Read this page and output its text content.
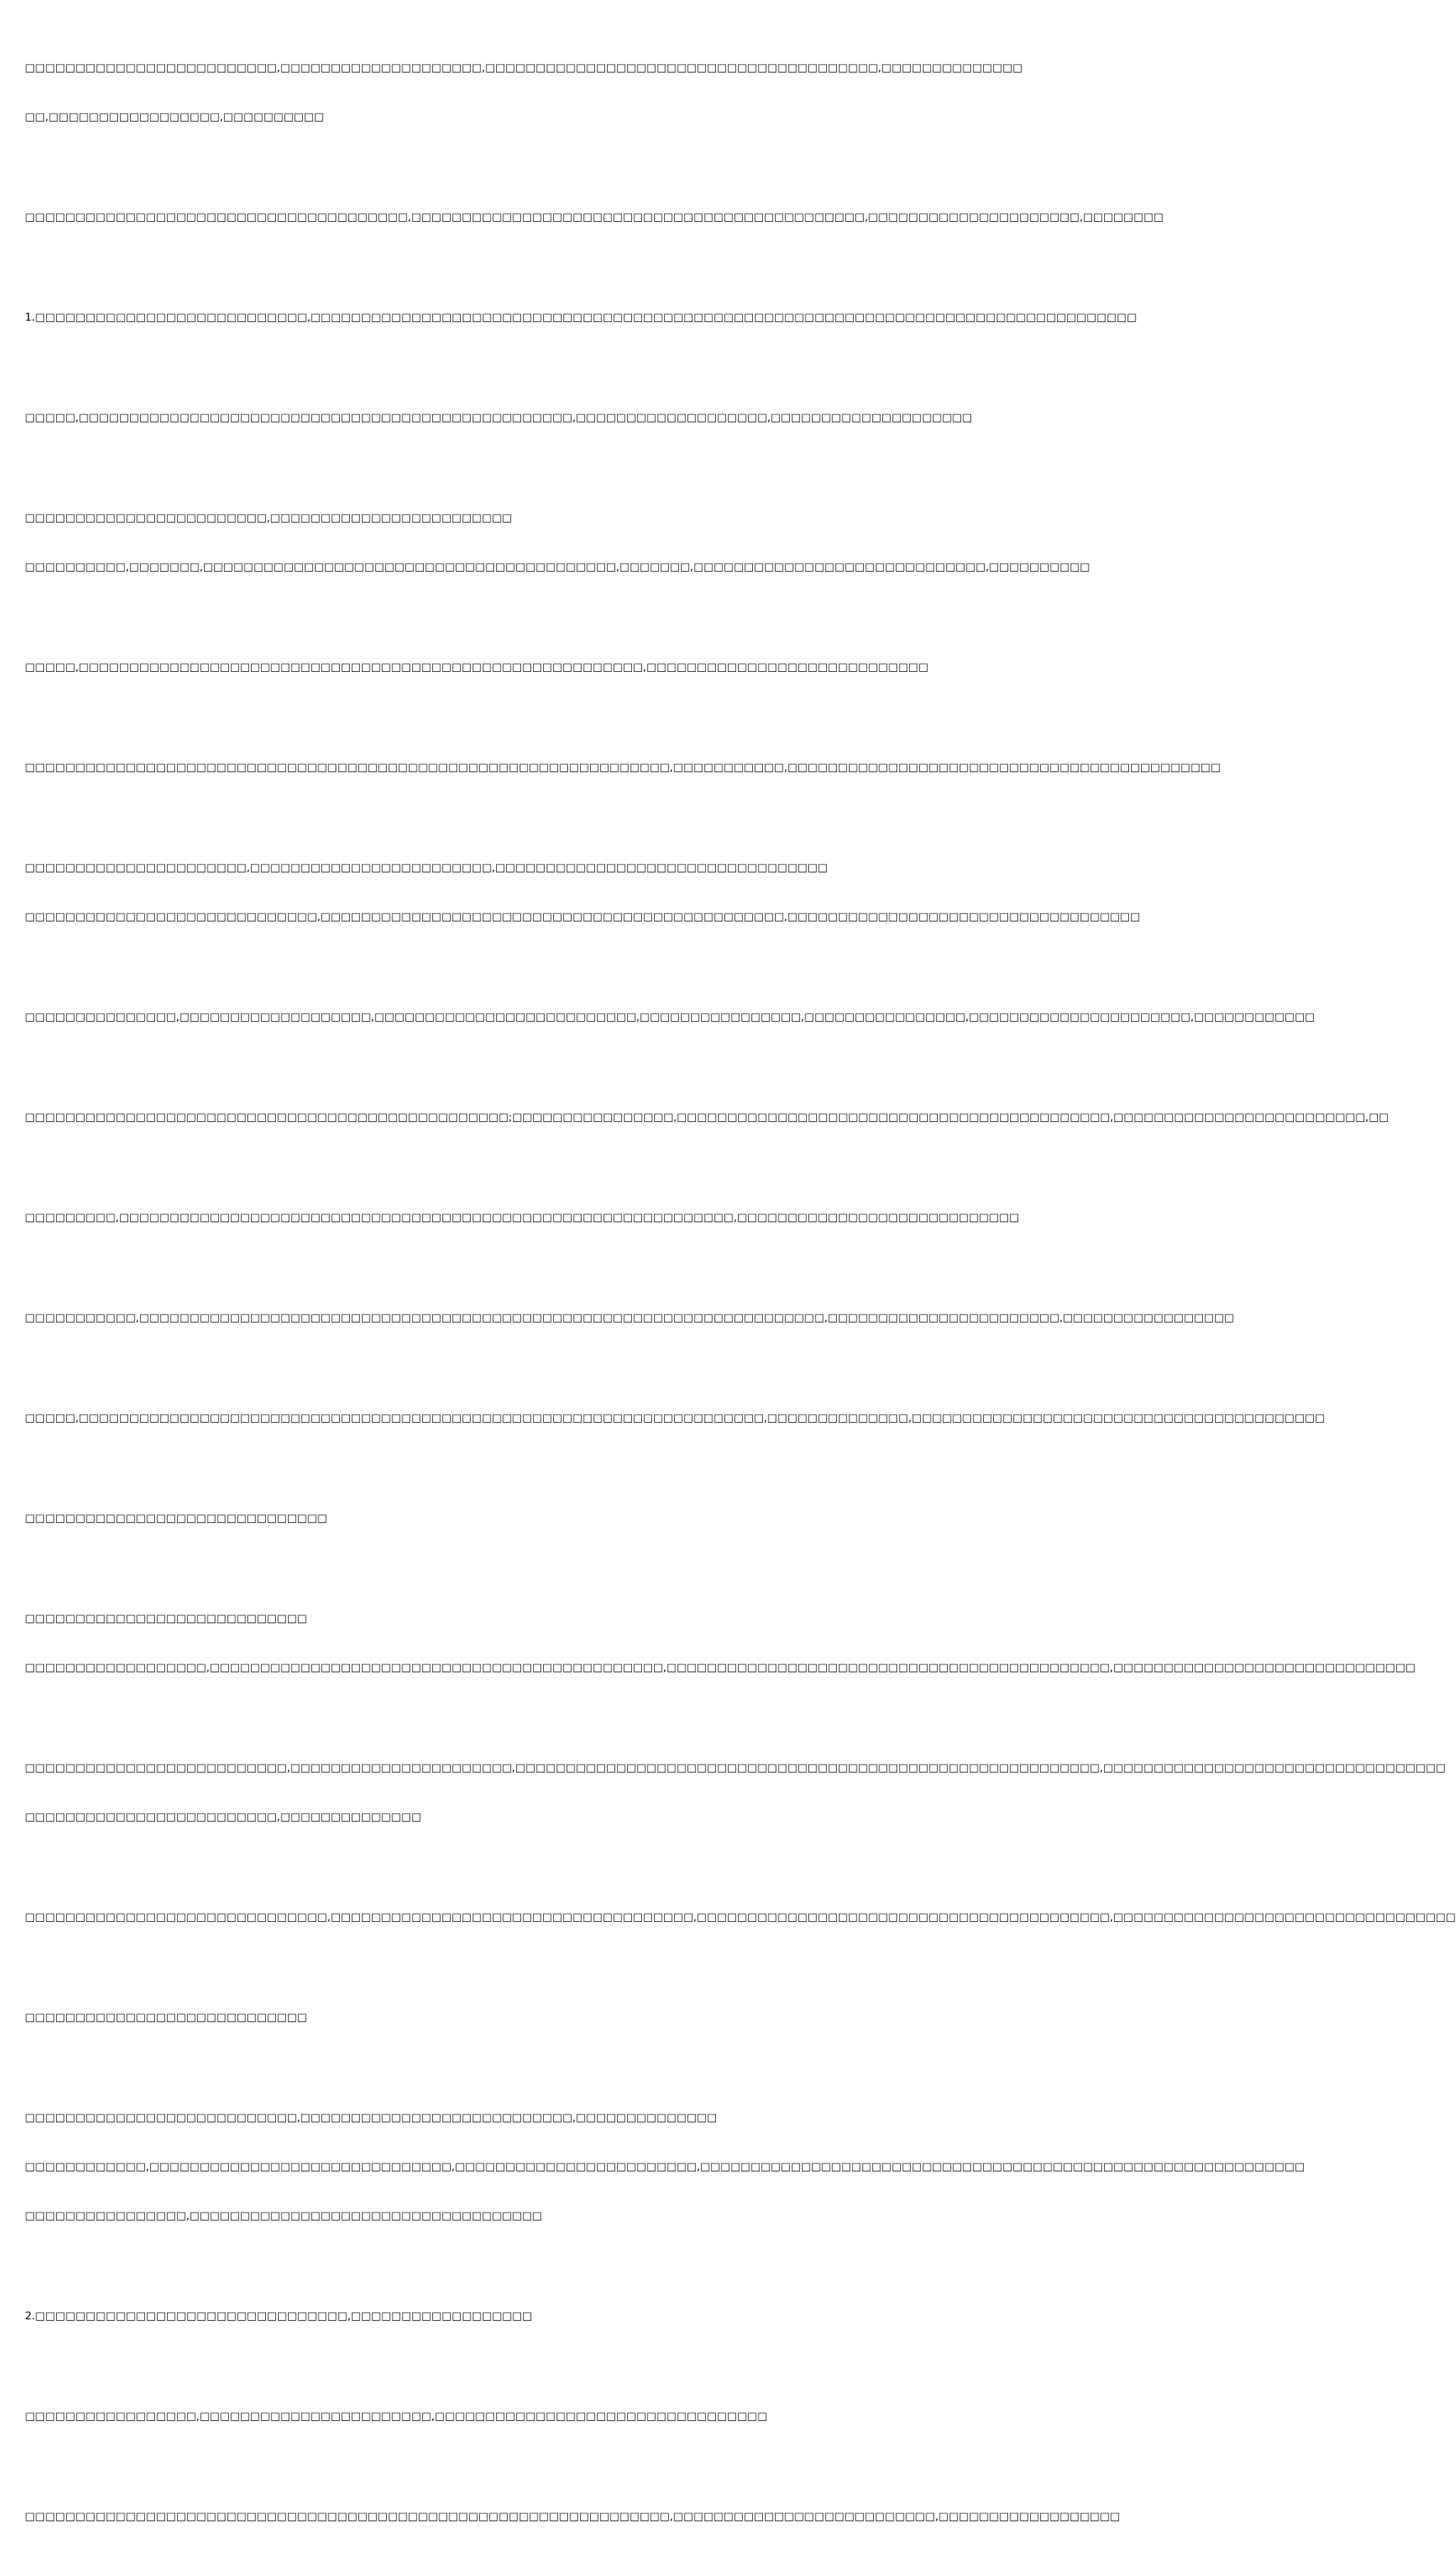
□□□□□□□□□□□□□□□□□□□□□□□□□,□□□□□□□□□□□□□□□□□□□□,□□□□□□□□□□□□□□□□□□□□□□□□□□□□□□□□□□□□□□□,□□□□□□□□□□□□□□

□□,□□□□□□□□□□□□□□□□□,□□□□□□□□□□

□□□□□□□□□□□□□□□□□□□□□□□□□□□□□□□□□□□□□□,□□□□□□□□□□□□□□□□□□□□□□□□□□□□□□□□□□□□□□□□□□□□□,□□□□□□□□□□□□□□□□□□□□□,□□□□□□□□

1.□□□□□□□□□□□□□□□□□□□□□□□□□□□,□□□□□□□□□□□□□□□□□□□□□□□□□□□□□□□□□□□□□□□□□□□□□□□□□□□□□□□□□□□□□□□□□□□□□□□□□□□□□□□□□□

□□□□□,□□□□□□□□□□□□□□□□□□□□□□□□□□□□□□□□□□□□□□□□□□□□□□□□□,□□□□□□□□□□□□□□□□□□□,□□□□□□□□□□□□□□□□□□□□

□□□□□□□□□□□□□□□□□□□□□□□□,□□□□□□□□□□□□□□□□□□□□□□□□

□□□□□□□□□□,□□□□□□□,□□□□□□□□□□□□□□□□□□□□□□□□□□□□□□□□□□□□□□□□□,□□□□□□□,□□□□□□□□□□□□□□□□□□□□□□□□□□□□□,□□□□□□□□□□

□□□□□,□□□□□□□□□□□□□□□□□□□□□□□□□□□□□□□□□□□□□□□□□□□□□□□□□□□□□□□□,□□□□□□□□□□□□□□□□□□□□□□□□□□□□

□□□□□□□□□□□□□□□□□□□□□□□□□□□□□□□□□□□□□□□□□□□□□□□□□□□□□□□□□□□□□□□□,□□□□□□□□□□□,□□□□□□□□□□□□□□□□□□□□□□□□□□□□□□□□□□□□□□□□□□□

□□□□□□□□□□□□□□□□□□□□□□,□□□□□□□□□□□□□□□□□□□□□□□□,□□□□□□□□□□□□□□□□□□□□□□□□□□□□□□□□□

□□□□□□□□□□□□□□□□□□□□□□□□□□□□□,□□□□□□□□□□□□□□□□□□□□□□□□□□□□□□□□□□□□□□□□□□□□□□,□□□□□□□□□□□□□□□□□□□□□□□□□□□□□□□□□□□

□□□□□□□□□□□□□□□,□□□□□□□□□□□□□□□□□□□,□□□□□□□□□□□□□□□□□□□□□□□□□□,□□□□□□□□□□□□□□□□,□□□□□□□□□□□□□□□□,□□□□□□□□□□□□□□□□□□□□□□,□□□□□□□□□□□□

□□□□□□□□□□□□□□□□□□□□□□□□□□□□□□□□□□□□□□□□□□□□□□□□;□□□□□□□□□□□□□□□□,□□□□□□□□□□□□□□□□□□□□□□□□□□□□□□□□□□□□□□□□□□□,□□□□□□□□□□□□□□□□□□□□□□□□□,□□

□□□□□□□□□,□□□□□□□□□□□□□□□□□□□□□□□□□□□□□□□□□□□□□□□□□□□□□□□□□□□□□□□□□□□□□,□□□□□□□□□□□□□□□□□□□□□□□□□□□□

□□□□□□□□□□□,□□□□□□□□□□□□□□□□□□□□□□□□□□□□□□□□□□□□□□□□□□□□□□□□□□□□□□□□□□□□□□□□□□□□,□□□□□□□□□□□□□□□□□□□□□□□,□□□□□□□□□□□□□□□□□

□□□□□,□□□□□□□□□□□□□□□□□□□□□□□□□□□□□□□□□□□□□□□□□□□□□□□□□□□□□□□□□□□□□□□□□□□□,□□□□□□□□□□□□□□,□□□□□□□□□□□□□□□□□□□□□□□□□□□□□□□□□□□□□□□□□

□□□□□□□□□□□□□□□□□□□□□□□□□□□□□□

□□□□□□□□□□□□□□□□□□□□□□□□□□□□

□□□□□□□□□□□□□□□□□□,□□□□□□□□□□□□□□□□□□□□□□□□□□□□□□□□□□□□□□□□□□□□□,□□□□□□□□□□□□□□□□□□□□□□□□□□□□□□□□□□□□□□□□□□□□,□□□□□□□□□□□□□□□□□□□□□□□□□□□□□□

□□□□□□□□□□□□□□□□□□□□□□□□□□,□□□□□□□□□□□□□□□□□□□□□□,□□□□□□□□□□□□□□□□□□□□□□□□□□□□□□□□□□□□□□□□□□□□□□□□□□□□□□□□□□,□□□□□□□□□□□□□□□□□□□□□□□□□□□□□□□□□□

□□□□□□□□□□□□□□□□□□□□□□□□□,□□□□□□□□□□□□□□

□□□□□□□□□□□□□□□□□□□□□□□□□□□□□□,□□□□□□□□□□□□□□□□□□□□□□□□□□□□□□□□□□□□,□□□□□□□□□□□□□□□□□□□□□□□□□□□□□□□□□□□□□□□□□,□□□□□□□□□□□□□□□□□□□□□□□□□□□□□□□□□□

□□□□□□□□□□□□□□□□□□□□□□□□□□□□

□□□□□□□□□□□□□□□□□□□□□□□□□□□,□□□□□□□□□□□□□□□□□□□□□□□□□□□,□□□□□□□□□□□□□□

□□□□□□□□□□□□,□□□□□□□□□□□□□□□□□□□□□□□□□□□□□□,□□□□□□□□□□□□□□□□□□□□□□□□,□□□□□□□□□□□□□□□□□□□□□□□□□□□□□□□□□□□□□□□□□□□□□□□□□□□□□□□□□□□□

□□□□□□□□□□□□□□□□,□□□□□□□□□□□□□□□□□□□□□□□□□□□□□□□□□□□

2.□□□□□□□□□□□□□□□□□□□□□□□□□□□□□□□,□□□□□□□□□□□□□□□□□□

□□□□□□□□□□□□□□□□□,□□□□□□□□□□□□□□□□□□□□□□□,□□□□□□□□□□□□□□□□□□□□□□□□□□□□□□□□□

□□□□□□□□□□□□□□□□□□□□□□□□□□□□□□□□□□□□□□□□□□□□□□□□□□□□□□□□□□□□□□□□,□□□□□□□□□□□□□□□□□□□□□□□□□□,□□□□□□□□□□□□□□□□□□
